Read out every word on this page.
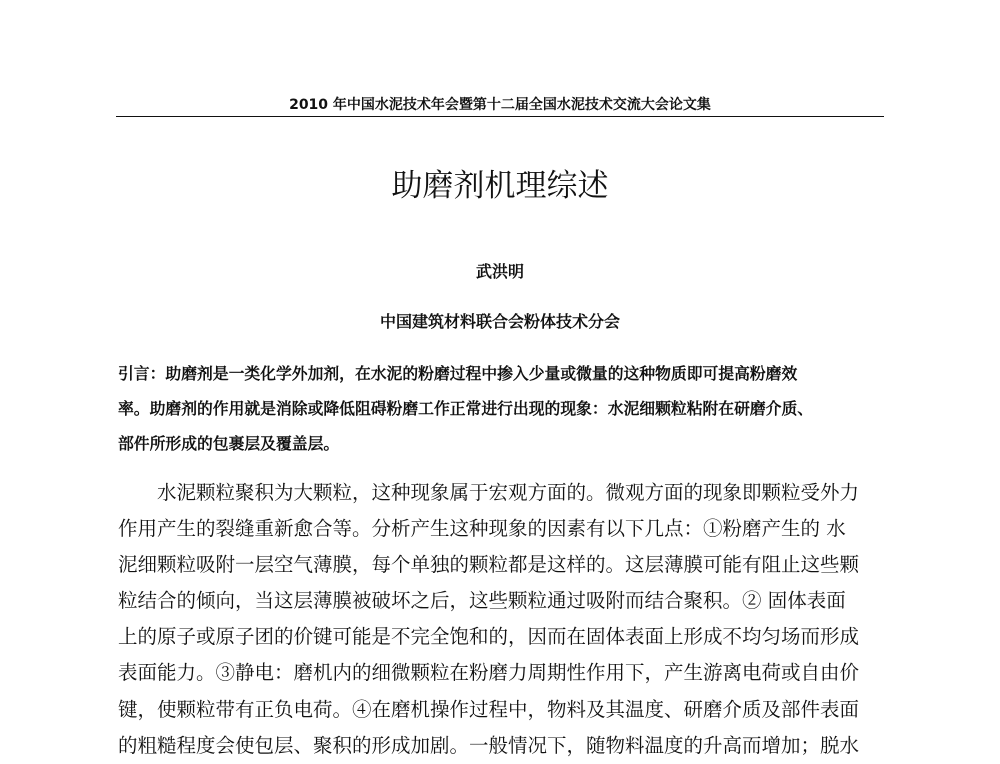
2010 年中国水泥技术年会暨第十二届全国水泥技术交流大会论文集
助磨剂机理综述
武洪明
中国建筑材料联合会粉体技术分会
引言：助磨剂是一类化学外加剂，在水泥的粉磨过程中掺入少量或微量的这种物质即可提高粉磨效
率。助磨剂的作用就是消除或降低阻碍粉磨工作正常进行出现的现象：水泥细颗粒粘附在研磨介质、
部件所形成的包裹层及覆盖层。
水泥颗粒聚积为大颗粒，这种现象属于宏观方面的。微观方面的现象即颗粒受外力
作用产生的裂缝重新愈合等。分析产生这种现象的因素有以下几点：①粉磨产生的 水
泥细颗粒吸附一层空气薄膜，每个单独的颗粒都是这样的。这层薄膜可能有阻止这些颗
粒结合的倾向，当这层薄膜被破坏之后，这些颗粒通过吸附而结合聚积。② 固体表面
上的原子或原子团的价键可能是不完全饱和的，因而在固体表面上形成不均匀场而形成
表面能力。③静电：磨机内的细微颗粒在粉磨力周期性作用下，产生游离电荷或自由价
键，使颗粒带有正负电荷。④在磨机操作过程中，物料及其温度、研磨介质及部件表面
的粗糙程度会使包层、聚积的形成加剧。一般情况下，随物料温度的升高而增加；脱水
